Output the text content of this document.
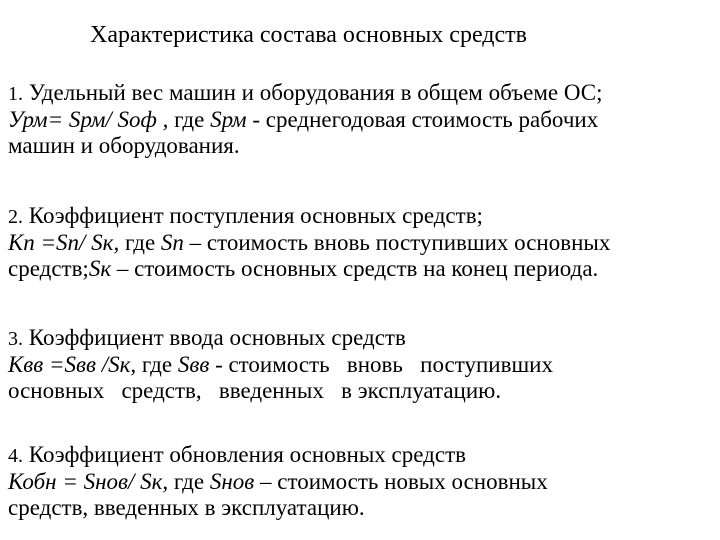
Характеристика состава основных средств
1. Удельный вес машин и оборудования в общем объеме ОС;
Урм= Sрм/ Sоф , где Sрм - среднегодовая стоимость рабочих
машин и оборудования.
2. Коэффициент поступления основных средств;
Кп =Sп/ Sк, где Sп – стоимость вновь поступивших основных
средств;Sк – стоимость основных средств на конец периода.
3. Коэффициент ввода основных средств
Квв =Sвв /Sк, где Sвв - стоимость   вновь   поступивших
основных   средств,   введенных   в эксплуатацию.
4. Коэффициент обновления основных средств
Кобн = Sнов/ Sк, где Sнов – стоимость новых основных
средств, введенных в эксплуатацию.
